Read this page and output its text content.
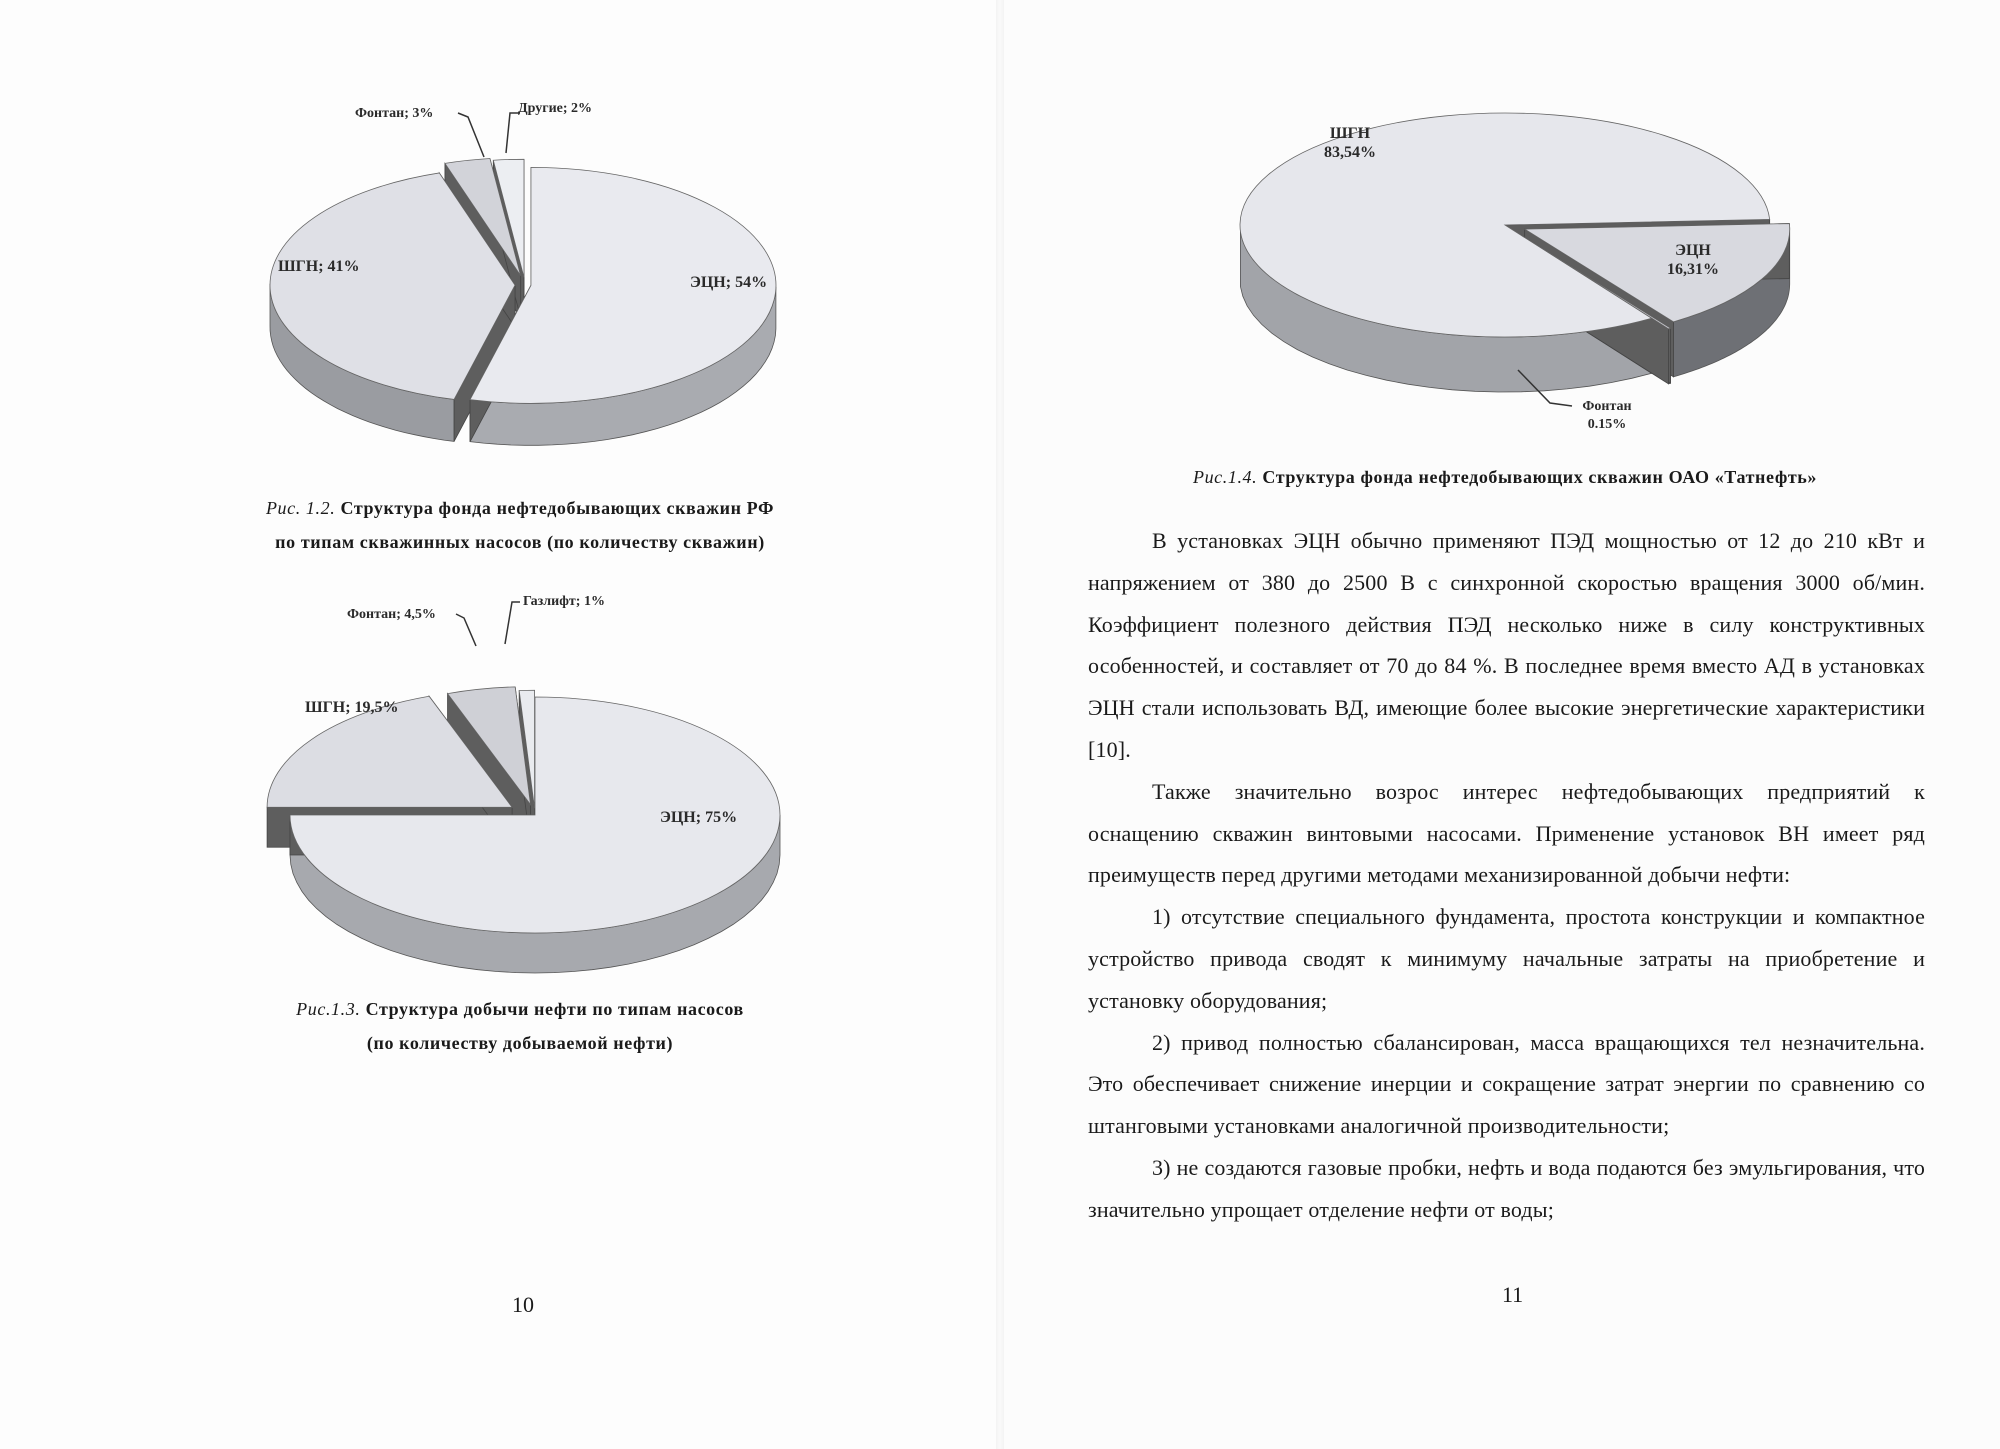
Фонтан; 3%	Другие; 2%
ШГН; 41%
ЭЦН; 54%
Рис. 1.2. Структура фонда нефтедобывающих скважин РФ
по типам скважинных насосов (по количеству скважин)
Фонтан; 4,5%
Газлифт; 1%
ШГН; 19,5%
ЭЦН; 75%
Рис.1.3. Структура добычи нефти по типам насосов
(по количеству добываемой нефти)
10
ШГН
83,54%
ЭЦН
16,31%
Фонтан
0.15%
Рис.1.4. Структура фонда нефтедобывающих скважин ОАО «Татнефть»

В установках ЭЦН обычно применяют ПЭД мощностью от 12 до 210 кВт и напряжением от 380 до 2500 В с синхронной скоростью вращения 3000 об/мин. Коэффициент полезного действия ПЭД несколько ниже в силу конструктивных особенностей, и составляет от 70 до 84 %. В последнее время вместо АД в установках ЭЦН стали использовать ВД, имеющие более высокие энергетические характеристики [10].

Также значительно возрос интерес нефтедобывающих предприятий к оснащению скважин винтовыми насосами. Применение установок ВН имеет ряд преимуществ перед другими методами механизированной добычи нефти:

1) отсутствие специального фундамента, простота конструкции и компактное устройство привода сводят к минимуму начальные затраты на приобретение и установку оборудования;

2) привод полностью сбалансирован, масса вращающихся тел незначительна. Это обеспечивает снижение инерции и сокращение затрат энергии по сравнению со штанговыми установками аналогичной производительности;

3) не создаются газовые пробки, нефть и вода подаются без эмульгирования, что значительно упрощает отделение нефти от воды;

11
